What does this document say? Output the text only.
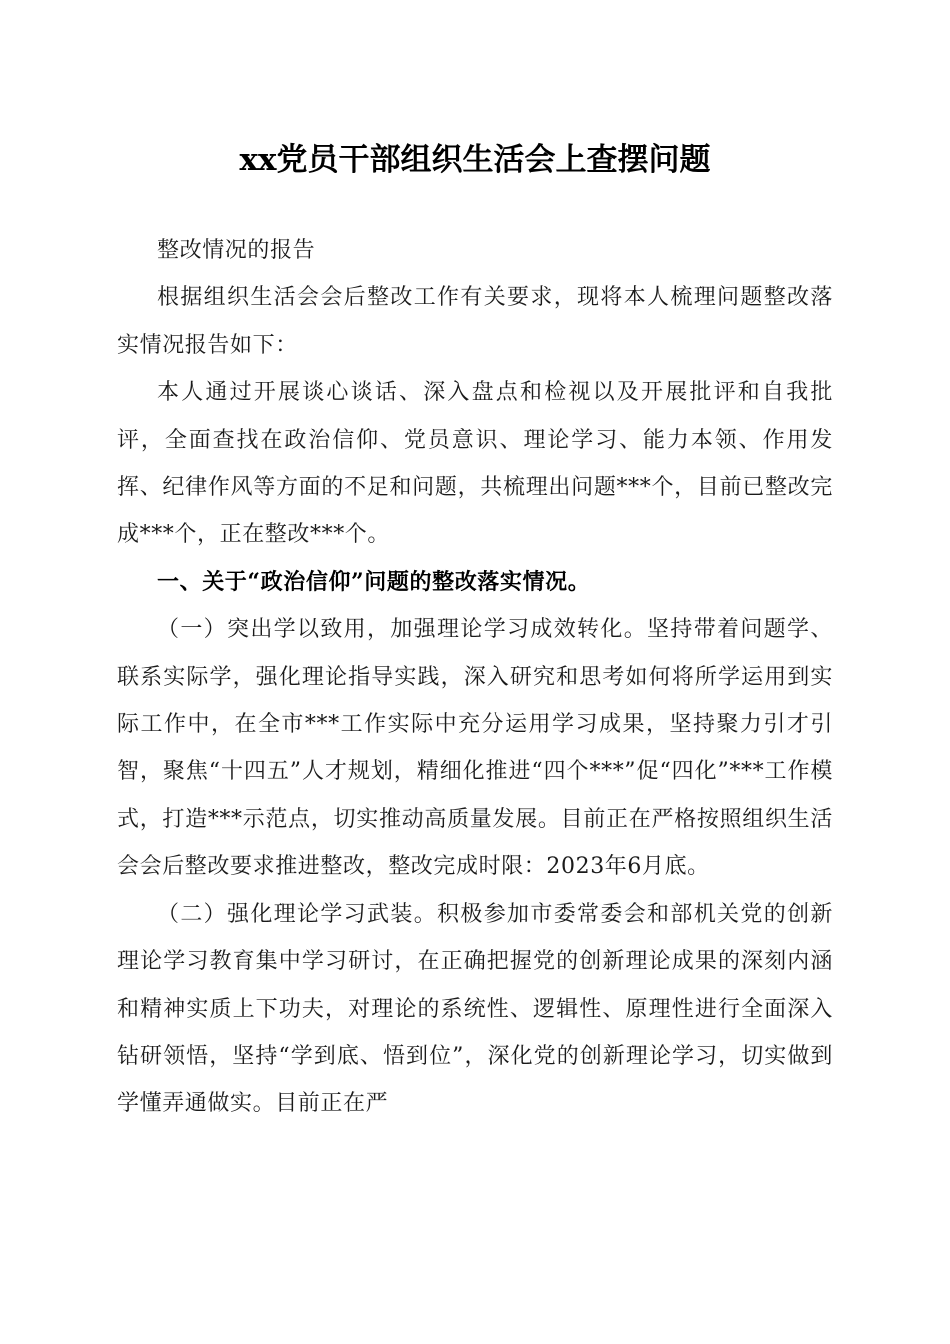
xx党员干部组织生活会上查摆问题

整改情况的报告

根据组织生活会会后整改工作有关要求，现将本人梳理问题整改落实情况报告如下：

本人通过开展谈心谈话、深入盘点和检视以及开展批评和自我批评，全面查找在政治信仰、党员意识、理论学习、能力本领、作用发挥、纪律作风等方面的不足和问题，共梳理出问题***个，目前已整改完成***个，正在整改***个。

一、关于“政治信仰”问题的整改落实情况。

（一）突出学以致用，加强理论学习成效转化。坚持带着问题学、联系实际学，强化理论指导实践，深入研究和思考如何将所学运用到实际工作中，在全市***工作实际中充分运用学习成果，坚持聚力引才引智，聚焦“十四五”人才规划，精细化推进“四个***”促“四化”***工作模式，打造***示范点，切实推动高质量发展。目前正在严格按照组织生活会会后整改要求推进整改，整改完成时限：2023年6月底。

（二）强化理论学习武装。积极参加市委常委会和部机关党的创新理论学习教育集中学习研讨，在正确把握党的创新理论成果的深刻内涵和精神实质上下功夫，对理论的系统性、逻辑性、原理性进行全面深入钻研领悟，坚持“学到底、悟到位”，深化党的创新理论学习，切实做到学懂弄通做实。目前正在严
